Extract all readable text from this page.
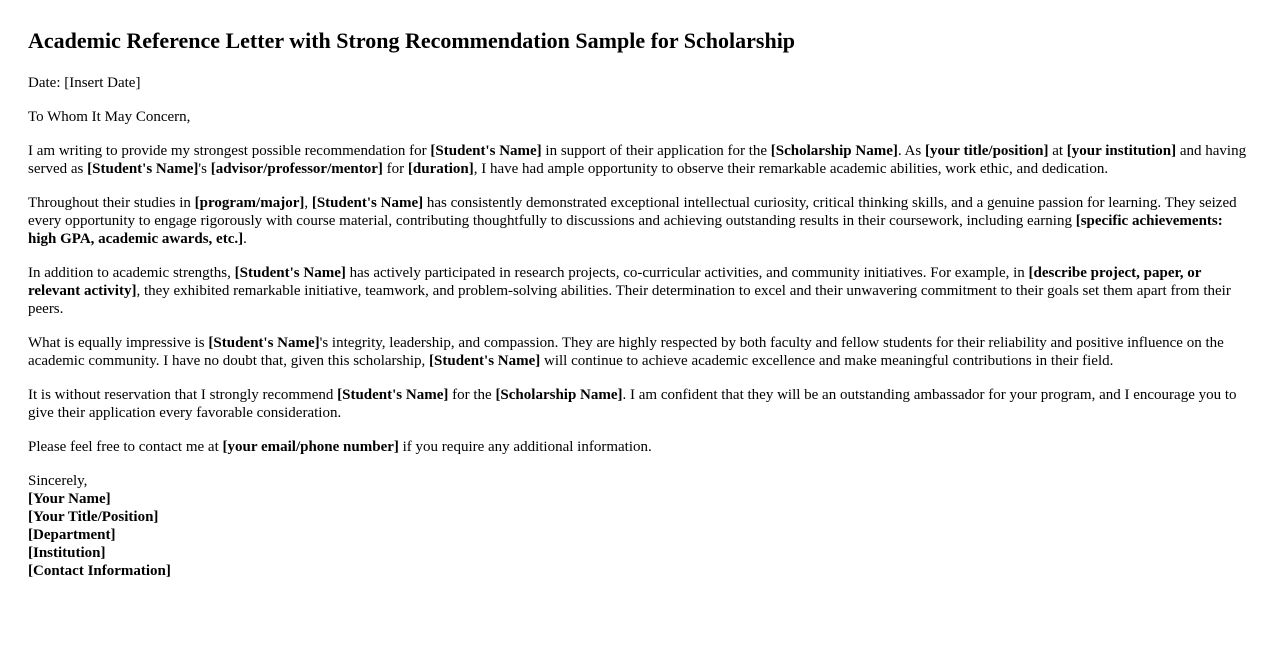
Academic Reference Letter with Strong Recommendation Sample for Scholarship

Date: [Insert Date]

To Whom It May Concern,

I am writing to provide my strongest possible recommendation for [Student's Name] in support of their application for the [Scholarship Name]. As [your title/position] at [your institution] and having served as [Student's Name]'s [advisor/professor/mentor] for [duration], I have had ample opportunity to observe their remarkable academic abilities, work ethic, and dedication.

Throughout their studies in [program/major], [Student's Name] has consistently demonstrated exceptional intellectual curiosity, critical thinking skills, and a genuine passion for learning. They seized every opportunity to engage rigorously with course material, contributing thoughtfully to discussions and achieving outstanding results in their coursework, including earning [specific achievements: high GPA, academic awards, etc.].

In addition to academic strengths, [Student's Name] has actively participated in research projects, co-curricular activities, and community initiatives. For example, in [describe project, paper, or relevant activity], they exhibited remarkable initiative, teamwork, and problem-solving abilities. Their determination to excel and their unwavering commitment to their goals set them apart from their peers.

What is equally impressive is [Student's Name]'s integrity, leadership, and compassion. They are highly respected by both faculty and fellow students for their reliability and positive influence on the academic community. I have no doubt that, given this scholarship, [Student's Name] will continue to achieve academic excellence and make meaningful contributions in their field.

It is without reservation that I strongly recommend [Student's Name] for the [Scholarship Name]. I am confident that they will be an outstanding ambassador for your program, and I encourage you to give their application every favorable consideration.

Please feel free to contact me at [your email/phone number] if you require any additional information.

Sincerely,
[Your Name]
[Your Title/Position]
[Department]
[Institution]
[Contact Information]
